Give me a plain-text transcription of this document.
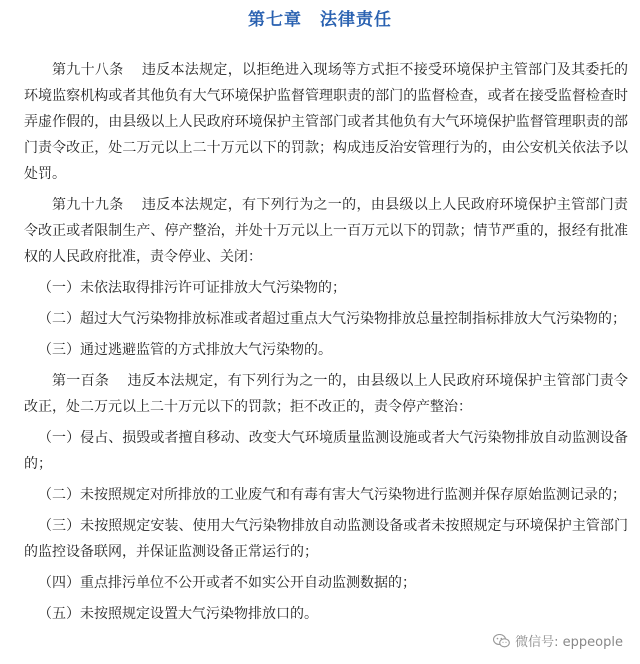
第七章　法律责任

第九十八条 违反本法规定，以拒绝进入现场等方式拒不接受环境保护主管部门及其委托的环境监察机构或者其他负有大气环境保护监督管理职责的部门的监督检查，或者在接受监督检查时弄虚作假的，由县级以上人民政府环境保护主管部门或者其他负有大气环境保护监督管理职责的部门责令改正，处二万元以上二十万元以下的罚款；构成违反治安管理行为的，由公安机关依法予以处罚。

第九十九条 违反本法规定，有下列行为之一的，由县级以上人民政府环境保护主管部门责令改正或者限制生产、停产整治，并处十万元以上一百万元以下的罚款；情节严重的，报经有批准权的人民政府批准，责令停业、关闭：

（一）未依法取得排污许可证排放大气污染物的；

（二）超过大气污染物排放标准或者超过重点大气污染物排放总量控制指标排放大气污染物的；

（三）通过逃避监管的方式排放大气污染物的。

第一百条 违反本法规定，有下列行为之一的，由县级以上人民政府环境保护主管部门责令改正，处二万元以上二十万元以下的罚款；拒不改正的，责令停产整治：

（一）侵占、损毁或者擅自移动、改变大气环境质量监测设施或者大气污染物排放自动监测设备的；

（二）未按照规定对所排放的工业废气和有毒有害大气污染物进行监测并保存原始监测记录的；

（三）未按照规定安装、使用大气污染物排放自动监测设备或者未按照规定与环境保护主管部门的监控设备联网，并保证监测设备正常运行的；

（四）重点排污单位不公开或者不如实公开自动监测数据的；

（五）未按照规定设置大气污染物排放口的。

微信号: eppeople
